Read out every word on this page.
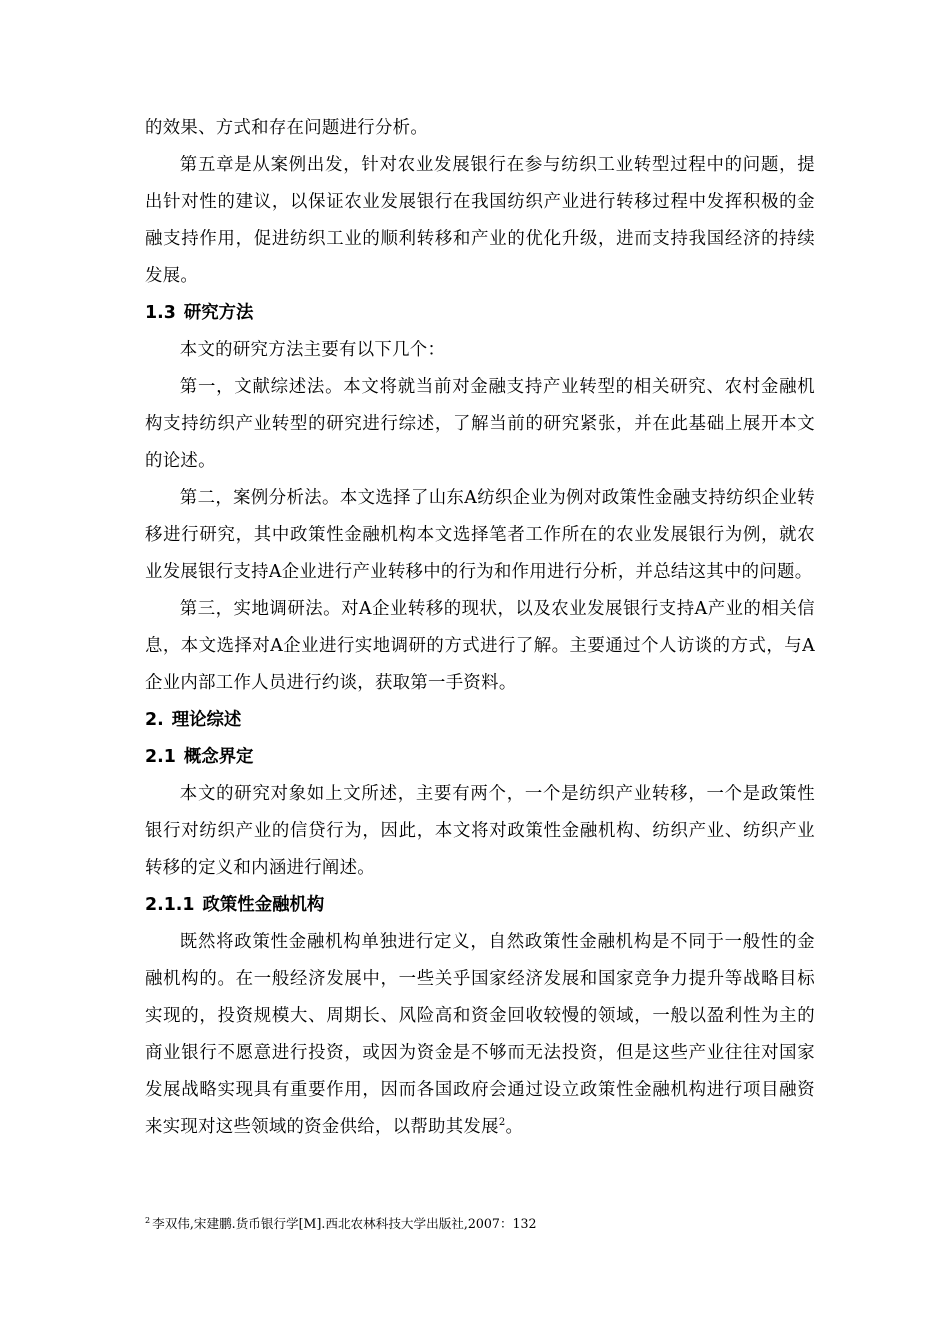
的效果、方式和存在问题进行分析。

第五章是从案例出发，针对农业发展银行在参与纺织工业转型过程中的问题，提出针对性的建议，以保证农业发展银行在我国纺织产业进行转移过程中发挥积极的金融支持作用，促进纺织工业的顺利转移和产业的优化升级，进而支持我国经济的持续发展。

1.3 研究方法

本文的研究方法主要有以下几个：

第一，文献综述法。本文将就当前对金融支持产业转型的相关研究、农村金融机构支持纺织产业转型的研究进行综述，了解当前的研究紧张，并在此基础上展开本文的论述。

第二，案例分析法。本文选择了山东A纺织企业为例对政策性金融支持纺织企业转移进行研究，其中政策性金融机构本文选择笔者工作所在的农业发展银行为例，就农业发展银行支持A企业进行产业转移中的行为和作用进行分析，并总结这其中的问题。

第三，实地调研法。对A企业转移的现状，以及农业发展银行支持A产业的相关信息，本文选择对A企业进行实地调研的方式进行了解。主要通过个人访谈的方式，与A企业内部工作人员进行约谈，获取第一手资料。

2. 理论综述
2.1 概念界定

本文的研究对象如上文所述，主要有两个，一个是纺织产业转移，一个是政策性银行对纺织产业的信贷行为，因此，本文将对政策性金融机构、纺织产业、纺织产业转移的定义和内涵进行阐述。

2.1.1 政策性金融机构

既然将政策性金融机构单独进行定义，自然政策性金融机构是不同于一般性的金融机构的。在一般经济发展中，一些关乎国家经济发展和国家竞争力提升等战略目标实现的，投资规模大、周期长、风险高和资金回收较慢的领域，一般以盈利性为主的商业银行不愿意进行投资，或因为资金是不够而无法投资，但是这些产业往往对国家发展战略实现具有重要作用，因而各国政府会通过设立政策性金融机构进行项目融资来实现对这些领域的资金供给，以帮助其发展$^2$。

$^2$ 李双伟,宋建鹏.货币银行学[M].西北农林科技大学出版社,2007：132
